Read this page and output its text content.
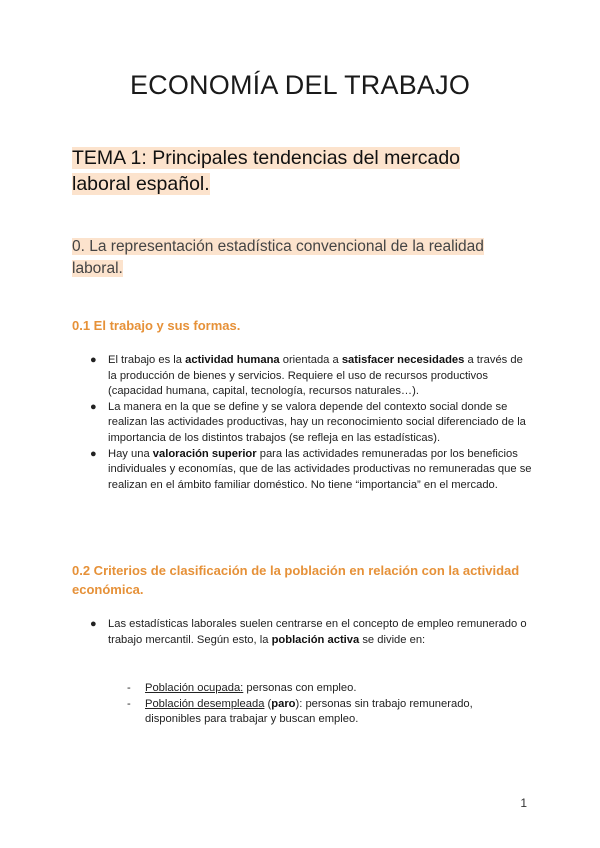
ECONOMÍA DEL TRABAJO
TEMA 1: Principales tendencias del mercado laboral español.
0. La representación estadística convencional de la realidad laboral.
0.1 El trabajo y sus formas.
● El trabajo es la actividad humana orientada a satisfacer necesidades a través de la producción de bienes y servicios. Requiere el uso de recursos productivos (capacidad humana, capital, tecnología, recursos naturales…).
● La manera en la que se define y se valora depende del contexto social donde se realizan las actividades productivas, hay un reconocimiento social diferenciado de la importancia de los distintos trabajos (se refleja en las estadísticas).
● Hay una valoración superior para las actividades remuneradas por los beneficios individuales y economías, que de las actividades productivas no remuneradas que se realizan en el ámbito familiar doméstico. No tiene “importancia” en el mercado.
0.2 Criterios de clasificación de la población en relación con la actividad económica.
● Las estadísticas laborales suelen centrarse en el concepto de empleo remunerado o trabajo mercantil. Según esto, la población activa se divide en:
- Población ocupada: personas con empleo.
- Población desempleada (paro): personas sin trabajo remunerado, disponibles para trabajar y buscan empleo.
1
